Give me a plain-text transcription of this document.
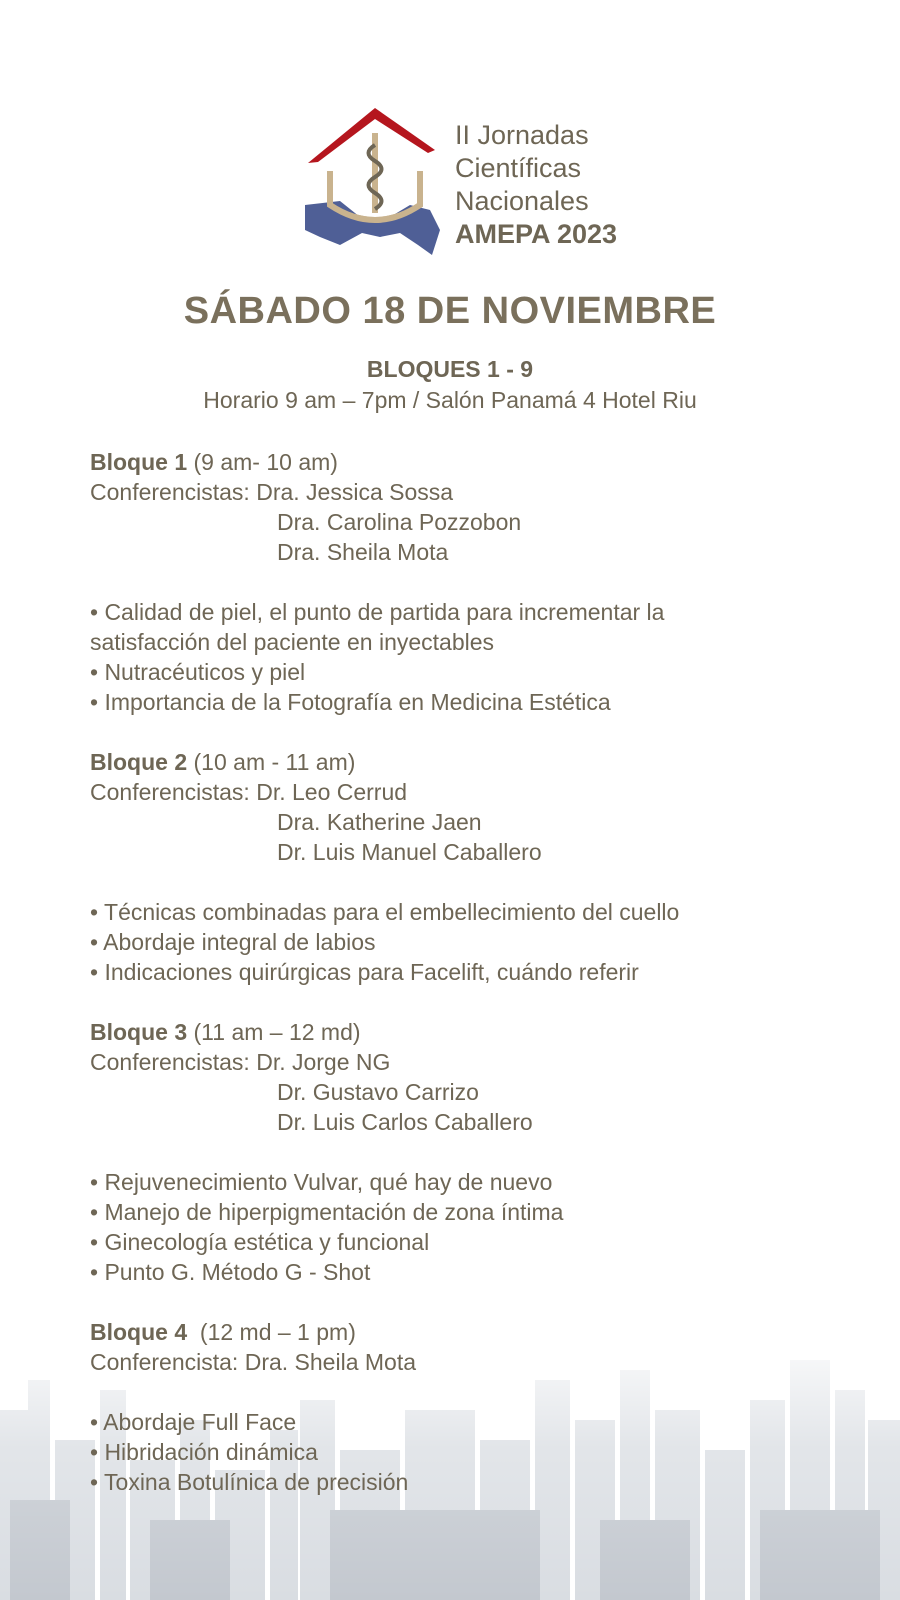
II Jornadas
Científicas
Nacionales
AMEPA 2023
SÁBADO 18 DE NOVIEMBRE
BLOQUES 1 - 9
Horario 9 am – 7pm / Salón Panamá 4 Hotel Riu
Bloque 1 (9 am- 10 am)
Conferencistas: Dra. Jessica Sossa
Dra. Carolina Pozzobon
Dra. Sheila Mota
• Calidad de piel, el punto de partida para incrementar la
satisfacción del paciente en inyectables
• Nutracéuticos y piel
• Importancia de la Fotografía en Medicina Estética
Bloque 2 (10 am - 11 am)
Conferencistas: Dr. Leo Cerrud
Dra. Katherine Jaen
Dr. Luis Manuel Caballero
• Técnicas combinadas para el embellecimiento del cuello
• Abordaje integral de labios
• Indicaciones quirúrgicas para Facelift, cuándo referir
Bloque 3 (11 am – 12 md)
Conferencistas: Dr. Jorge NG
Dr. Gustavo Carrizo
Dr. Luis Carlos Caballero
• Rejuvenecimiento Vulvar, qué hay de nuevo
• Manejo de hiperpigmentación de zona íntima
• Ginecología estética y funcional
• Punto G. Método G - Shot
Bloque 4  (12 md – 1 pm)
Conferencista: Dra. Sheila Mota
• Abordaje Full Face
• Hibridación dinámica
• Toxina Botulínica de precisión
